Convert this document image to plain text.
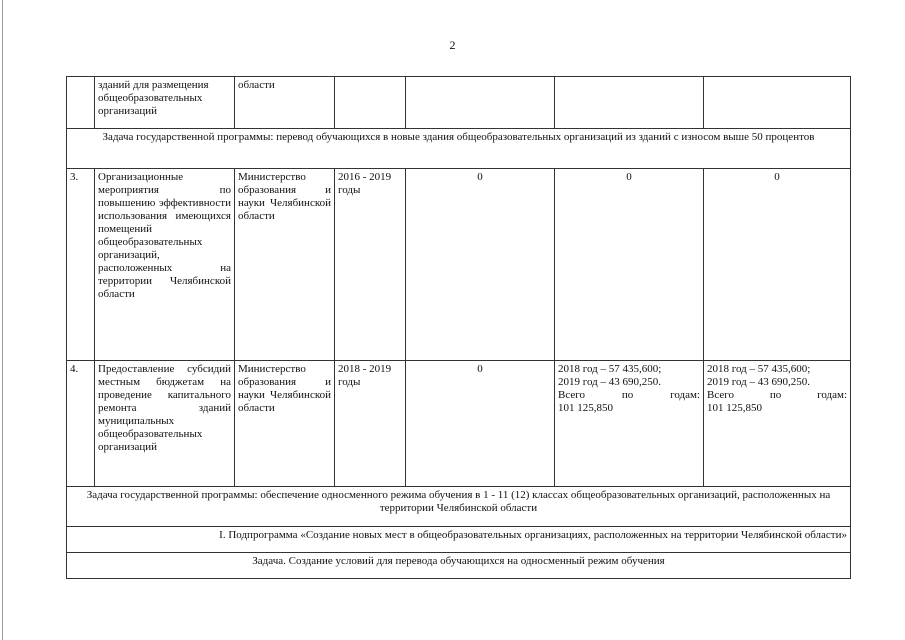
2

	зданий для размещения
общеобразовательных
организаций	области				

Задача государственной программы: перевод обучающихся в новые здания общеобразовательных организаций из зданий с износом выше 50 процентов						
3.	Организационные мероприятия по повышению эффективности использования имеющихся помещений общеобразовательных организаций, расположенных на территории Челябинской области	Министерство образования и науки Челябинской области	2016 - 2019 годы	0	0	0
4.	Предоставление субсидий местным бюджетам на проведение капитального ремонта зданий муниципальных общеобразовательных организаций	Министерство образования и науки Челябинской области	2018 - 2019 годы	0	2018 год – 57 435,600;
2019 год – 43 690,250.
Всего по годам:
101 125,850	2018 год – 57 435,600;
2019 год – 43 690,250.
Всего по годам:
101 125,850

Задача государственной программы: обеспечение односменного режима обучения в 1 - 11 (12) классах общеобразовательных организаций, расположенных на территории Челябинской области						
I. Подпрограмма «Создание новых мест в общеобразовательных организациях, расположенных на территории Челябинской области»						
Задача. Создание условий для перевода обучающихся на односменный режим обучения						
